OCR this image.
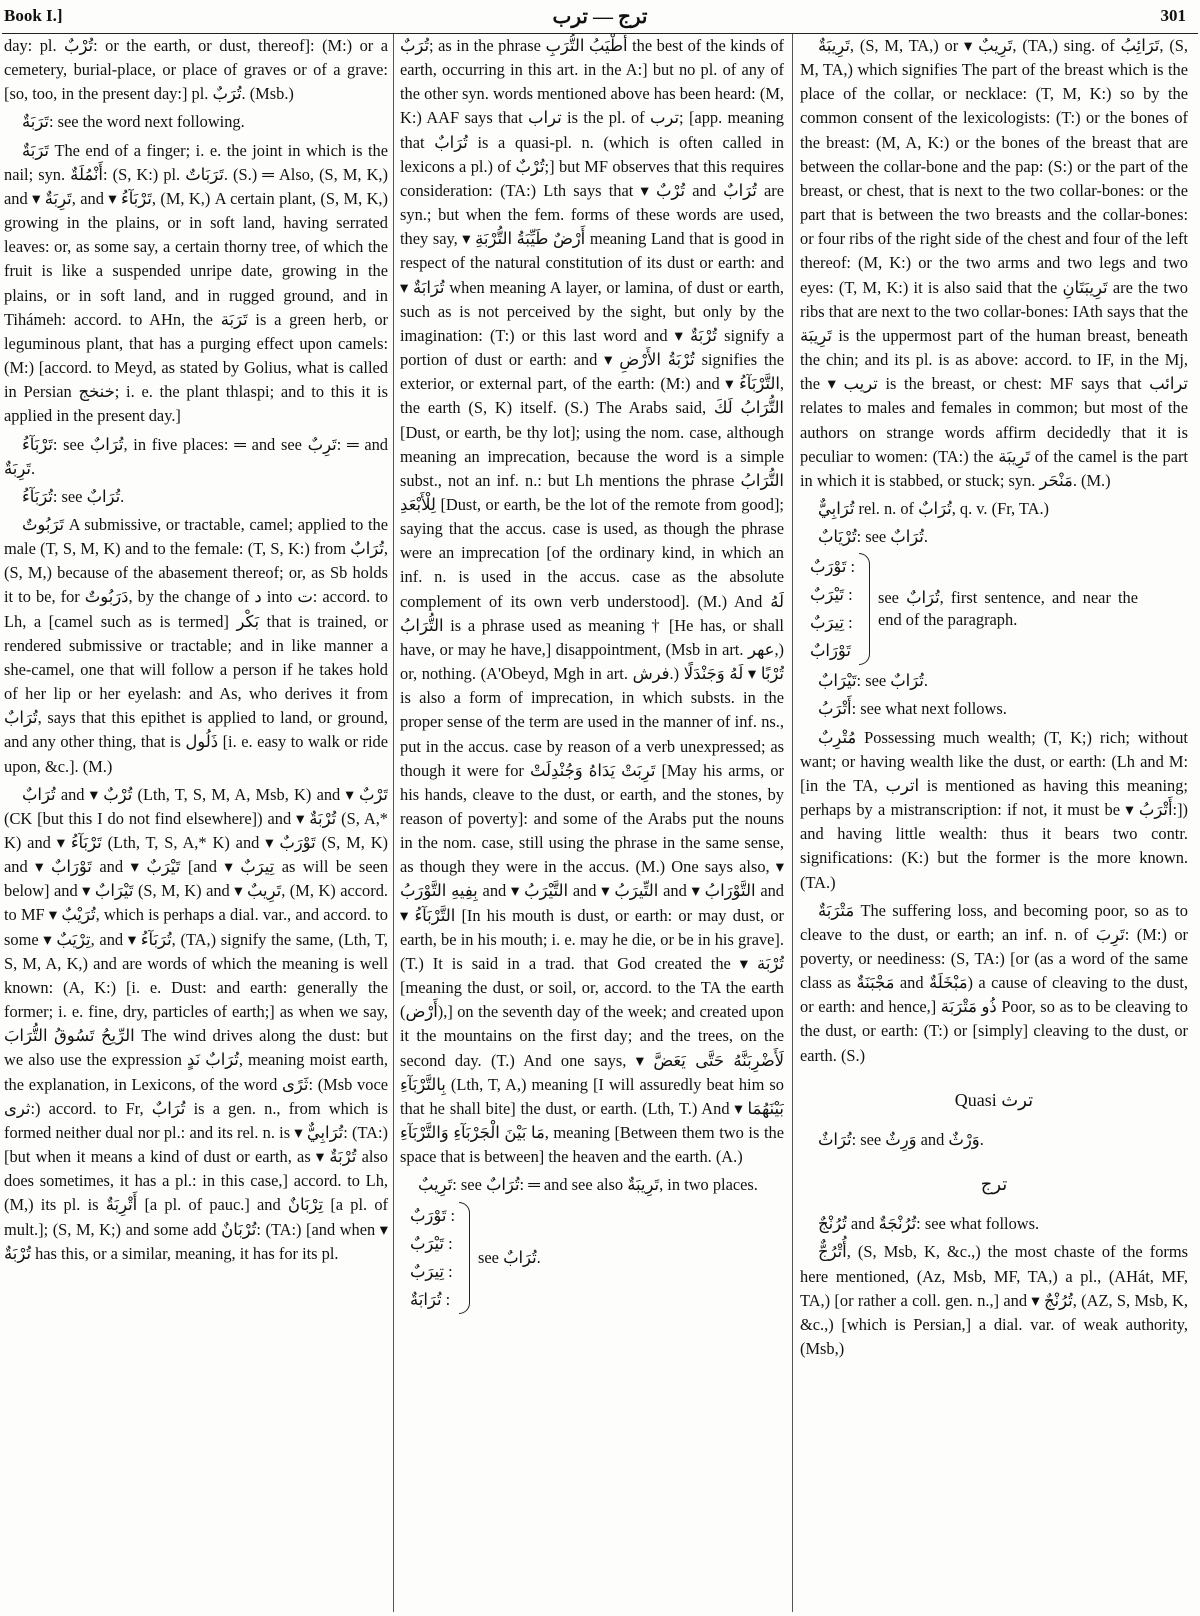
Book I.]	ترج — ترب	301

day: pl. تُرْبٌ: or the earth, or dust, thereof]: (M:) or a cemetery, burial-place, or place of graves or of a grave: [so, too, in the present day:] pl. تُرَبٌ. (Msb.)

تَرَبَةٌ: see the word next following.

تَرَبَةٌ The end of a finger; i. e. the joint in which is the nail; syn. أَنْمُلَةٌ: (S, K:) pl. تَرَبَاتٌ. (S.) ═ Also, (S, M, K,) and ▾ تَرِبَةٌ, and ▾ تَرْبَآءُ, (M, K,) A certain plant, (S, M, K,) growing in the plains, or in soft land, having serrated leaves: or, as some say, a certain thorny tree, of which the fruit is like a suspended unripe date, growing in the plains, or in soft land, and in rugged ground, and in Tihámeh: accord. to AHn, the تَرَبَة is a green herb, or leguminous plant, that has a purging effect upon camels: (M:) [accord. to Meyd, as stated by Golius, what is called in Persian خنخج; i. e. the plant thlaspi; and to this it is applied in the present day.]

تَرْبَآءُ: see تُرَابٌ, in five places: ═ and see تَرِبٌ: ═ and تَرِبَةٌ.

تُرَبَآءُ: see تُرَابٌ.

تَرَبُوتٌ A submissive, or tractable, camel; applied to the male (T, S, M, K) and to the female: (T, S, K:) from تُرَابٌ, (S, M,) because of the abasement thereof; or, as Sb holds it to be, for دَرَبُوتٌ, by the change of د into ت: accord. to Lh, a [camel such as is termed] بَكْر that is trained, or rendered submissive or tractable; and in like manner a she-camel, one that will follow a person if he takes hold of her lip or her eyelash: and As, who derives it from تُرَابٌ, says that this epithet is applied to land, or ground, and any other thing, that is ذَلُول [i. e. easy to walk or ride upon, &c.]. (M.)

تُرَابٌ and ▾ تُرْبٌ (Lth, T, S, M, A, Msb, K) and ▾ تَرْبٌ (CK [but this I do not find elsewhere]) and ▾ تُرْبَةٌ (S, A,* K) and ▾ تَرْبَآءُ (Lth, T, S, A,* K) and ▾ تَوْرَبٌ (S, M, K) and ▾ تَوْرَابٌ and ▾ تَيْرَبٌ [and ▾ تِيرَبٌ as will be seen below] and ▾ تَيْرَابٌ (S, M, K) and ▾ تَرِيبٌ, (M, K) accord. to MF ▾ تُرَيْبٌ, which is perhaps a dial. var., and accord. to some ▾ تِرْيَبٌ, and ▾ تُرَبَآءُ, (TA,) signify the same, (Lth, T, S, M, A, K,) and are words of which the meaning is well known: (A, K:) [i. e. Dust: and earth: generally the former; i. e. fine, dry, particles of earth;] as when we say, الرِّيحُ تَسُوقُ التُّرَابَ The wind drives along the dust: but we also use the expression تُرَابٌ نَدٍ, meaning moist earth, the explanation, in Lexicons, of the word ثَرًى: (Msb voce ثرى:) accord. to Fr, تُرَابٌ is a gen. n., from which is formed neither dual nor pl.: and its rel. n. is ▾ تُرَابِيٌّ: (TA:) [but when it means a kind of dust or earth, as ▾ تُرْبَةٌ also does sometimes, it has a pl.: in this case,] accord. to Lh, (M,) its pl. is أَتْرِبَةٌ [a pl. of pauc.] and تِرْبَانٌ [a pl. of mult.]; (S, M, K;) and some add تُرْبَانٌ: (TA:) [and when ▾ تُرْبَةٌ has this, or a similar, meaning, it has for its pl.

تُرَبٌ; as in the phrase أَطْيَبُ التُّرَبِ the best of the kinds of earth, occurring in this art. in the A:] but no pl. of any of the other syn. words mentioned above has been heard: (M, K:) AAF says that تراب is the pl. of ترب; [app. meaning that تُرَابٌ is a quasi-pl. n. (which is often called in lexicons a pl.) of تُرْبٌ;] but MF observes that this requires consideration: (TA:) Lth says that ▾ تُرْبٌ and تُرَابٌ are syn.; but when the fem. forms of these words are used, they say, ▾ أَرْضٌ طَيِّبَةُ التُّرْبَةِ meaning Land that is good in respect of the natural constitution of its dust or earth: and ▾ تُرَابَةٌ when meaning A layer, or lamina, of dust or earth, such as is not perceived by the sight, but only by the imagination: (T:) or this last word and ▾ تُرْبَةٌ signify a portion of dust or earth: and ▾ تُرْبَةُ الأَرْضِ signifies the exterior, or external part, of the earth: (M:) and ▾ التَّرْبَآءُ, the earth (S, K) itself. (S.) The Arabs said, التُّرَابُ لَكَ [Dust, or earth, be thy lot]; using the nom. case, although meaning an imprecation, because the word is a simple subst., not an inf. n.: but Lh mentions the phrase التُّرَابُ لِلْأَبْعَدِ [Dust, or earth, be the lot of the remote from good]; saying that the accus. case is used, as though the phrase were an imprecation [of the ordinary kind, in which an inf. n. is used in the accus. case as the absolute complement of its own verb understood]. (M.) And لَهُ التُّرَابُ is a phrase used as meaning † [He has, or shall have, or may he have,] disappointment, (Msb in art. عهر,) or, nothing. (A'Obeyd, Mgh in art. فرش.) تُرْبًا ▾ لَهُ وَجَنْدَلًا is also a form of imprecation, in which substs. in the proper sense of the term are used in the manner of inf. ns., put in the accus. case by reason of a verb unexpressed; as though it were for تَرِبَتْ يَدَاهُ وَجُنْدِلَتْ [May his arms, or his hands, cleave to the dust, or earth, and the stones, by reason of poverty]: and some of the Arabs put the nouns in the nom. case, still using the phrase in the same sense, as though they were in the accus. (M.) One says also, ▾ بِفِيهِ التَّوْرَبُ and ▾ التَّيْرَبُ and ▾ التِّيرَبُ and ▾ التَّوْرَابُ and ▾ التَّرْبَآءُ [In his mouth is dust, or earth: or may dust, or earth, be in his mouth; i. e. may he die, or be in his grave]. (T.) It is said in a trad. that God created the ▾ تُرْبَة [meaning the dust, or soil, or, accord. to the TA the earth (أَرْض),] on the seventh day of the week; and created upon it the mountains on the first day; and the trees, on the second day. (T.) And one says, ▾ لَأَضْرِبَنَّهُ حَتَّى يَعَضَّ بِالتَّرْبَآءِ (Lth, T, A,) meaning [I will assuredly beat him so that he shall bite] the dust, or earth. (Lth, T.) And ▾ بَيْنَهُمَا مَا بَيْنَ الْجَرْبَآءِ وَالتَّرْبَآءِ, meaning [Between them two is the space that is between] the heaven and the earth. (A.)

تَرِيبٌ: see تُرَابٌ: ═ and see also تَرِيبَةٌ, in two places.

تَوْرَبٌ :
تَيْرَبٌ :
تِيرَبٌ :
تُرَابَةٌ :
see تُرَابٌ.

تَرِيبَةٌ, (S, M, TA,) or ▾ تَرِيبٌ, (TA,) sing. of تَرَائِبُ, (S, M, TA,) which signifies The part of the breast which is the place of the collar, or necklace: (T, M, K:) so by the common consent of the lexicologists: (T:) or the bones of the breast: (M, A, K:) or the bones of the breast that are between the collar-bone and the pap: (S:) or the part of the breast, or chest, that is next to the two collar-bones: or the part that is between the two breasts and the collar-bones: or four ribs of the right side of the chest and four of the left thereof: (M, K:) or the two arms and two legs and two eyes: (T, M, K:) it is also said that the تَرِيبَتَانِ are the two ribs that are next to the two collar-bones: IAth says that the تَرِيبَة is the uppermost part of the human breast, beneath the chin; and its pl. is as above: accord. to IF, in the Mj, the ▾ تريب is the breast, or chest: MF says that ترائب relates to males and females in common; but most of the authors on strange words affirm decidedly that it is peculiar to women: (TA:) the تَرِيبَة of the camel is the part in which it is stabbed, or stuck; syn. مَنْحَر. (M.)

تُرَابِيٌّ rel. n. of تُرَابٌ, q. v. (Fr, TA.)

تُرْيَابٌ: see تُرَابٌ.

تَوْرَبٌ :
تَيْرَبٌ :
تِيرَبٌ :
تَوْرَابٌ
see تُرَابٌ, first sentence, and near the end of the paragraph.

تَيْرَابٌ: see تُرَابٌ.

أَتْرَبُ: see what next follows.

مُتْرِبٌ Possessing much wealth; (T, K;) rich; without want; or having wealth like the dust, or earth: (Lh and M: [in the TA, اترب is mentioned as having this meaning; perhaps by a mistranscription: if not, it must be ▾ أَتْرَبُ:]) and having little wealth: thus it bears two contr. significations: (K:) but the former is the more known. (TA.)

مَتْرَبَةٌ The suffering loss, and becoming poor, so as to cleave to the dust, or earth; an inf. n. of تَرِبَ: (M:) or poverty, or neediness: (S, TA:) [or (as a word of the same class as مَجْبَنَةٌ and مَبْخَلَةٌ) a cause of cleaving to the dust, or earth: and hence,] ذُو مَتْرَبَة Poor, so as to be cleaving to the dust, or earth: (T:) or [simply] cleaving to the dust, or earth. (S.)

Quasi ترث

تُرَاثٌ: see وَرِثٌ and وَرْثٌ.

ترج

تُرُنْجٌ and تُرُنْجَةٌ: see what follows.

أُتْرُجٌّ, (S, Msb, K, &c.,) the most chaste of the forms here mentioned, (Az, Msb, MF, TA,) a pl., (AHát, MF, TA,) [or rather a coll. gen. n.,] and ▾ تُرُنْجٌ, (AZ, S, Msb, K, &c.,) [which is Persian,] a dial. var. of weak authority, (Msb,)
